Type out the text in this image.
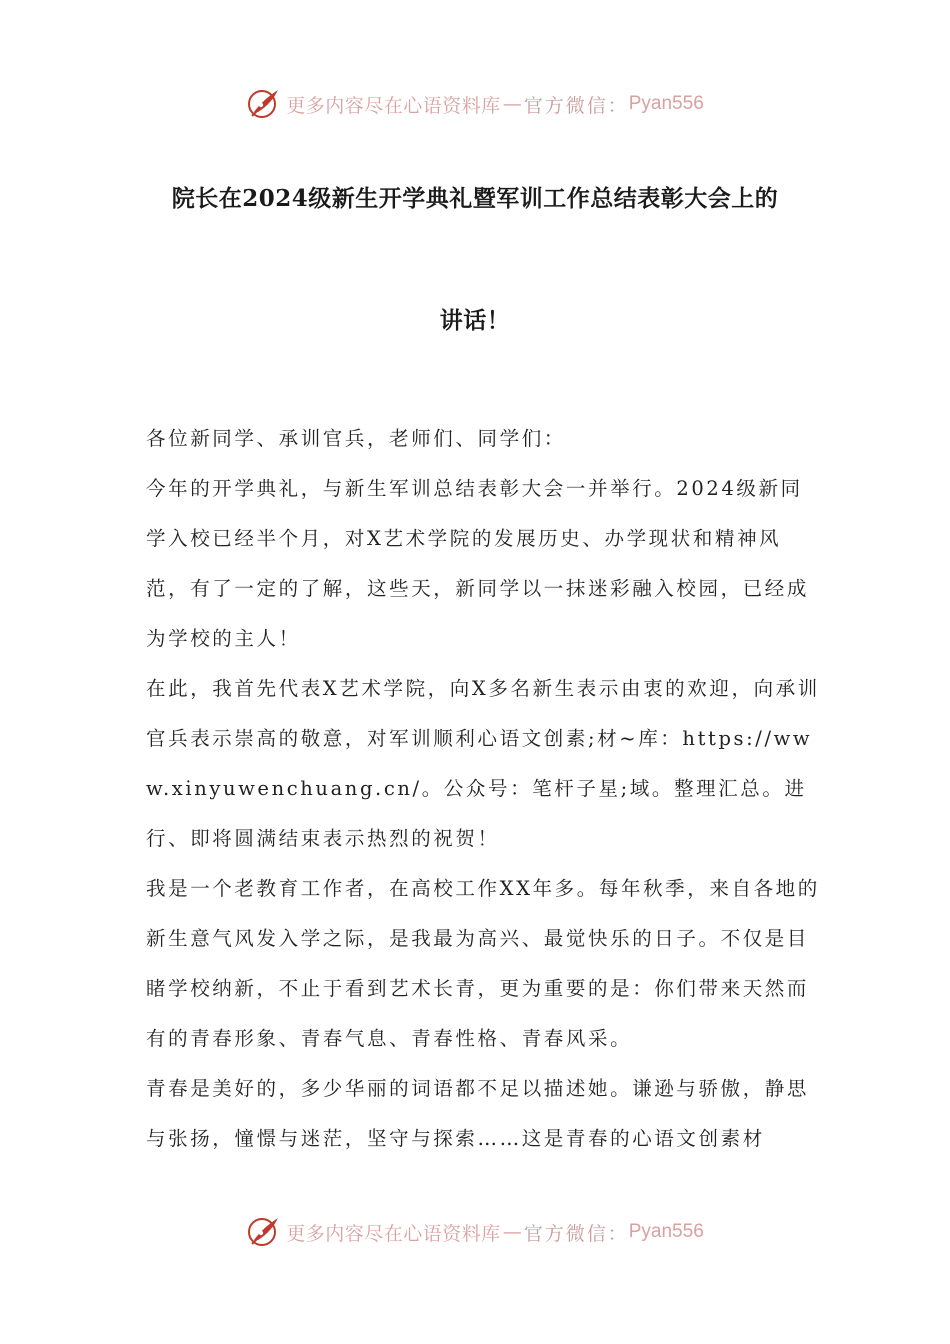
更多内容尽在心语资料库 — 官方微信： Pyan556
院长在2024级新生开学典礼暨军训工作总结表彰大会上的
讲话！

各位新同学、承训官兵，老师们、同学们：

今年的开学典礼，与新生军训总结表彰大会一并举行。2024级新同学入校已经半个月，对X艺术学院的发展历史、办学现状和精神风范，有了一定的了解，这些天，新同学以一抹迷彩融入校园，已经成为学校的主人！

在此，我首先代表X艺术学院，向X多名新生表示由衷的欢迎，向承训官兵表示崇高的敬意，对军训顺利心语文创素;材~库：https://www.xinyuwenchuang.cn/。公众号：笔杆子星;域。整理汇总。进行、即将圆满结束表示热烈的祝贺！

我是一个老教育工作者，在高校工作XX年多。每年秋季，来自各地的新生意气风发入学之际，是我最为高兴、最觉快乐的日子。不仅是目睹学校纳新，不止于看到艺术长青，更为重要的是：你们带来天然而有的青春形象、青春气息、青春性格、青春风采。

青春是美好的，多少华丽的词语都不足以描述她。谦逊与骄傲，静思与张扬，憧憬与迷茫，坚守与探索……这是青春的心语文创素材

更多内容尽在心语资料库 — 官方微信： Pyan556
